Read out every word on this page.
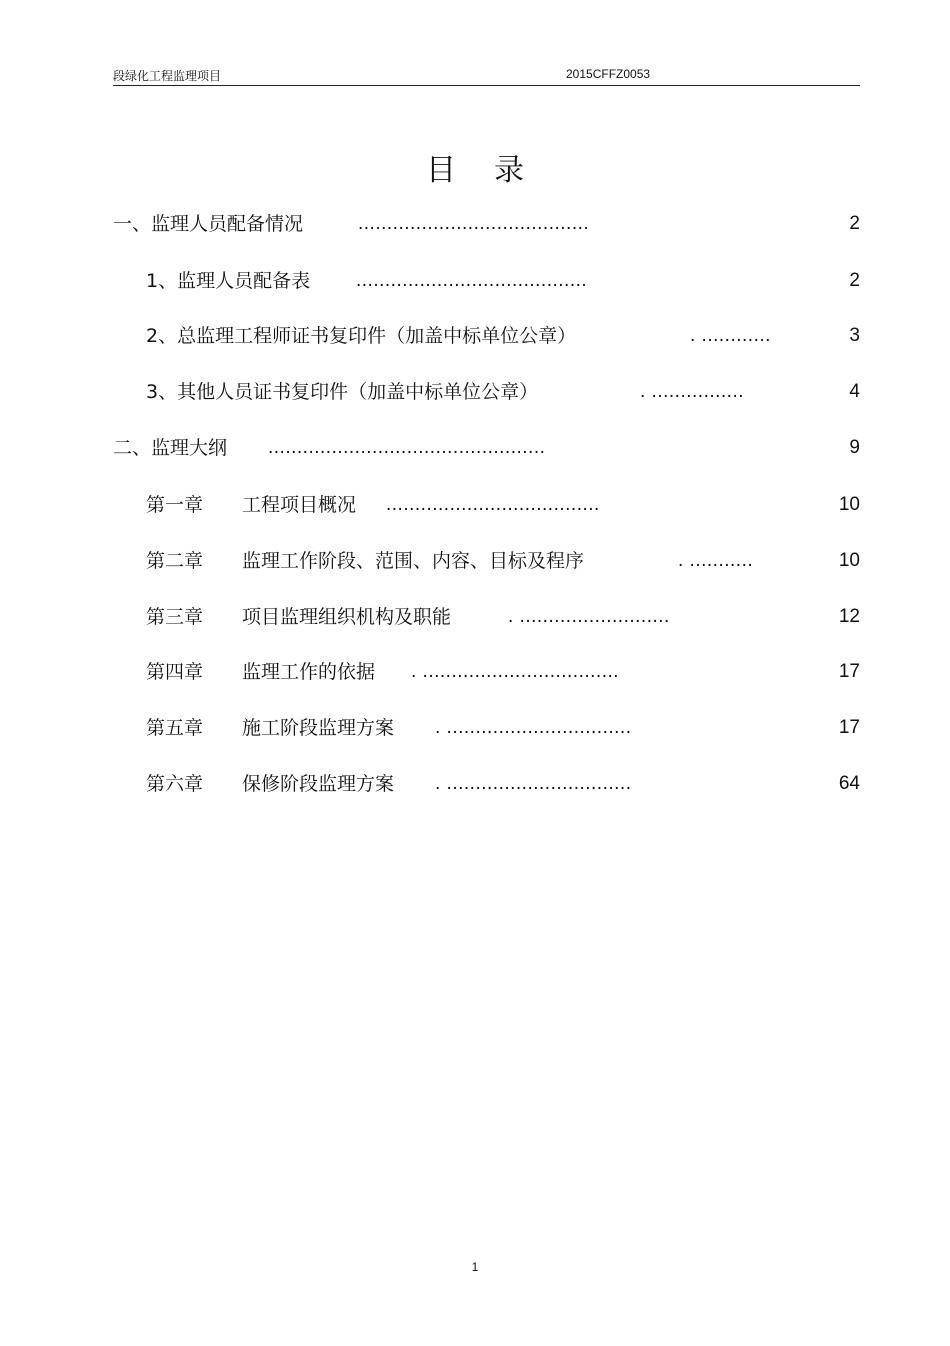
段绿化工程监理项目	2015CFFZ0053
目录
一、监理人员配备情况	........................................	2
1、监理人员配备表 ........................................	2
2、总监理工程师证书复印件（加盖中标单位公章）	. ............	3
3、其他人员证书复印件（加盖中标单位公章）	. ................	4
二、监理大纲 ................................................	9
第一章 工程项目概况 .....................................	10
第二章 监理工作阶段、范围、内容、目标及程序	. ...........	10
第三章 项目监理组织机构及职能	. ..........................	12
第四章 监理工作的依据 . ..................................	17
第五章 施工阶段监理方案 . ................................	17
第六章 保修阶段监理方案 . ................................	64
1
